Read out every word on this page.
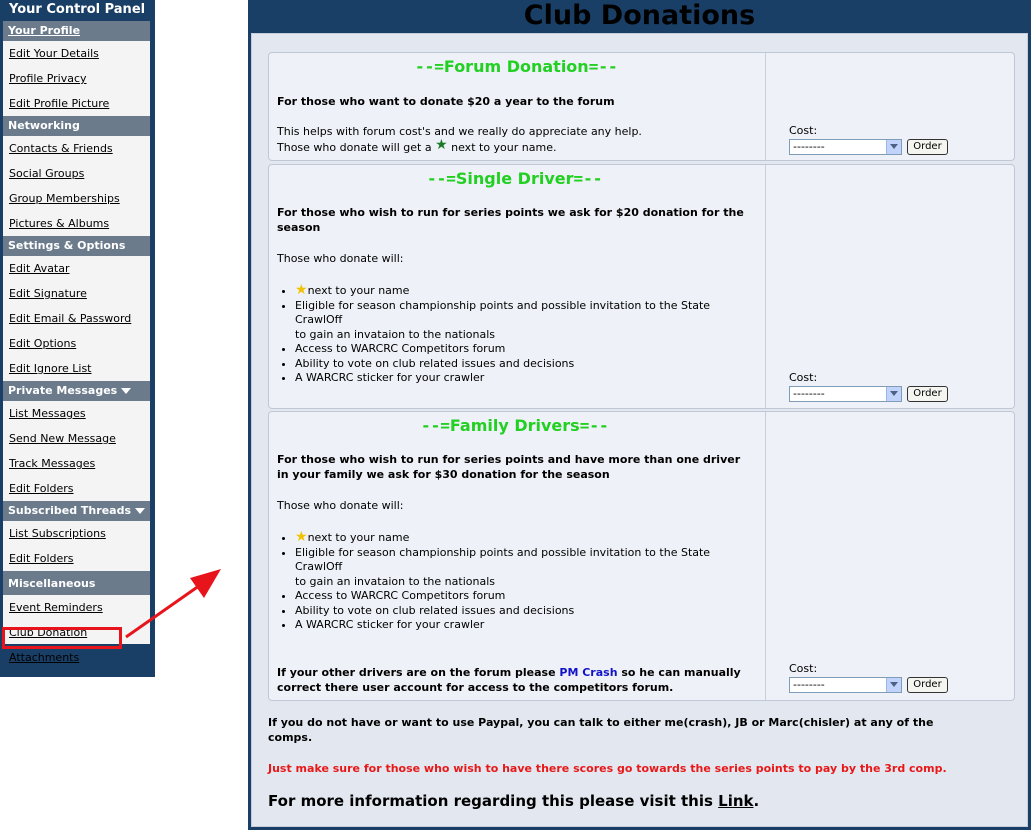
Your Control Panel
Your Profile
Edit Your Details
Profile Privacy
Edit Profile Picture
Networking
Contacts & Friends
Social Groups
Group Memberships
Pictures & Albums
Settings & Options
Edit Avatar
Edit Signature
Edit Email & Password
Edit Options
Edit Ignore List
Private Messages
List Messages
Send New Message
Track Messages
Edit Folders
Subscribed Threads
List Subscriptions
Edit Folders
Miscellaneous
Event Reminders
Club Donation
Attachments
Club Donations
--=Forum Donation=--
For those who want to donate $20 a year to the forum
This helps with forum cost's and we really do appreciate any help.
Those who donate will get a ★ next to your name.
Cost:
--------	Order
--=Single Driver=--
For those who wish to run for series points we ask for $20 donation for the season
Those who donate will:
• ★next to your name
• Eligible for season championship points and possible invitation to the State CrawlOff
to gain an invataion to the nationals
• Access to WARCRC Competitors forum
• Ability to vote on club related issues and decisions
• A WARCRC sticker for your crawler	Cost:
--------	Order
--=Family Drivers=--
For those who wish to run for series points and have more than one driver in your family we ask for $30 donation for the season
Those who donate will:
• ★next to your name
• Eligible for season championship points and possible invitation to the State CrawlOff
to gain an invataion to the nationals
• Access to WARCRC Competitors forum
• Ability to vote on club related issues and decisions
• A WARCRC sticker for your crawler
If your other drivers are on the forum please PM Crash so he can manually correct there user account for access to the competitors forum.
Cost:
--------	Order
If you do not have or want to use Paypal, you can talk to either me(crash), JB or Marc(chisler) at any of the comps.
Just make sure for those who wish to have there scores go towards the series points to pay by the 3rd comp.
For more information regarding this please visit this Link.
